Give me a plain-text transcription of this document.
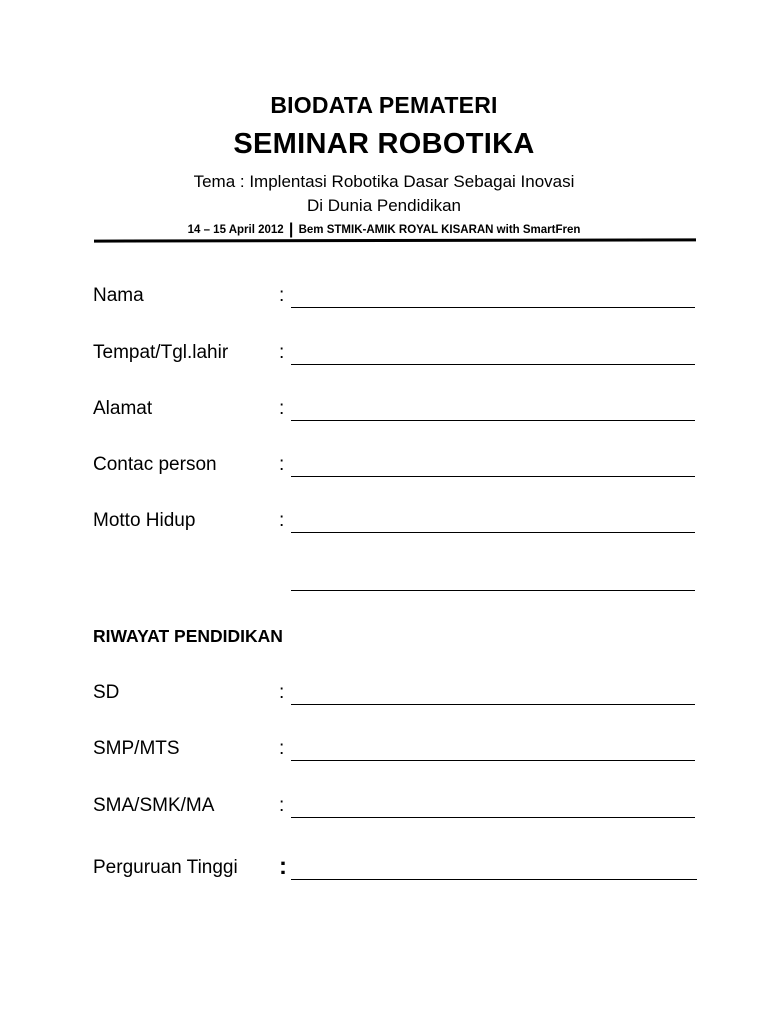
BIODATA PEMATERI
SEMINAR ROBOTIKA
Tema : Implentasi Robotika Dasar Sebagai Inovasi
Di Dunia Pendidikan
14 – 15 April 2012 | Bem STMIK-AMIK ROYAL KISARAN with SmartFren
Nama	:
Tempat/Tgl.lahir	:
Alamat	:
Contac person	:
Motto Hidup	:
RIWAYAT PENDIDIKAN
SD	:
SMP/MTS	:
SMA/SMK/MA	:
Perguruan Tinggi :
